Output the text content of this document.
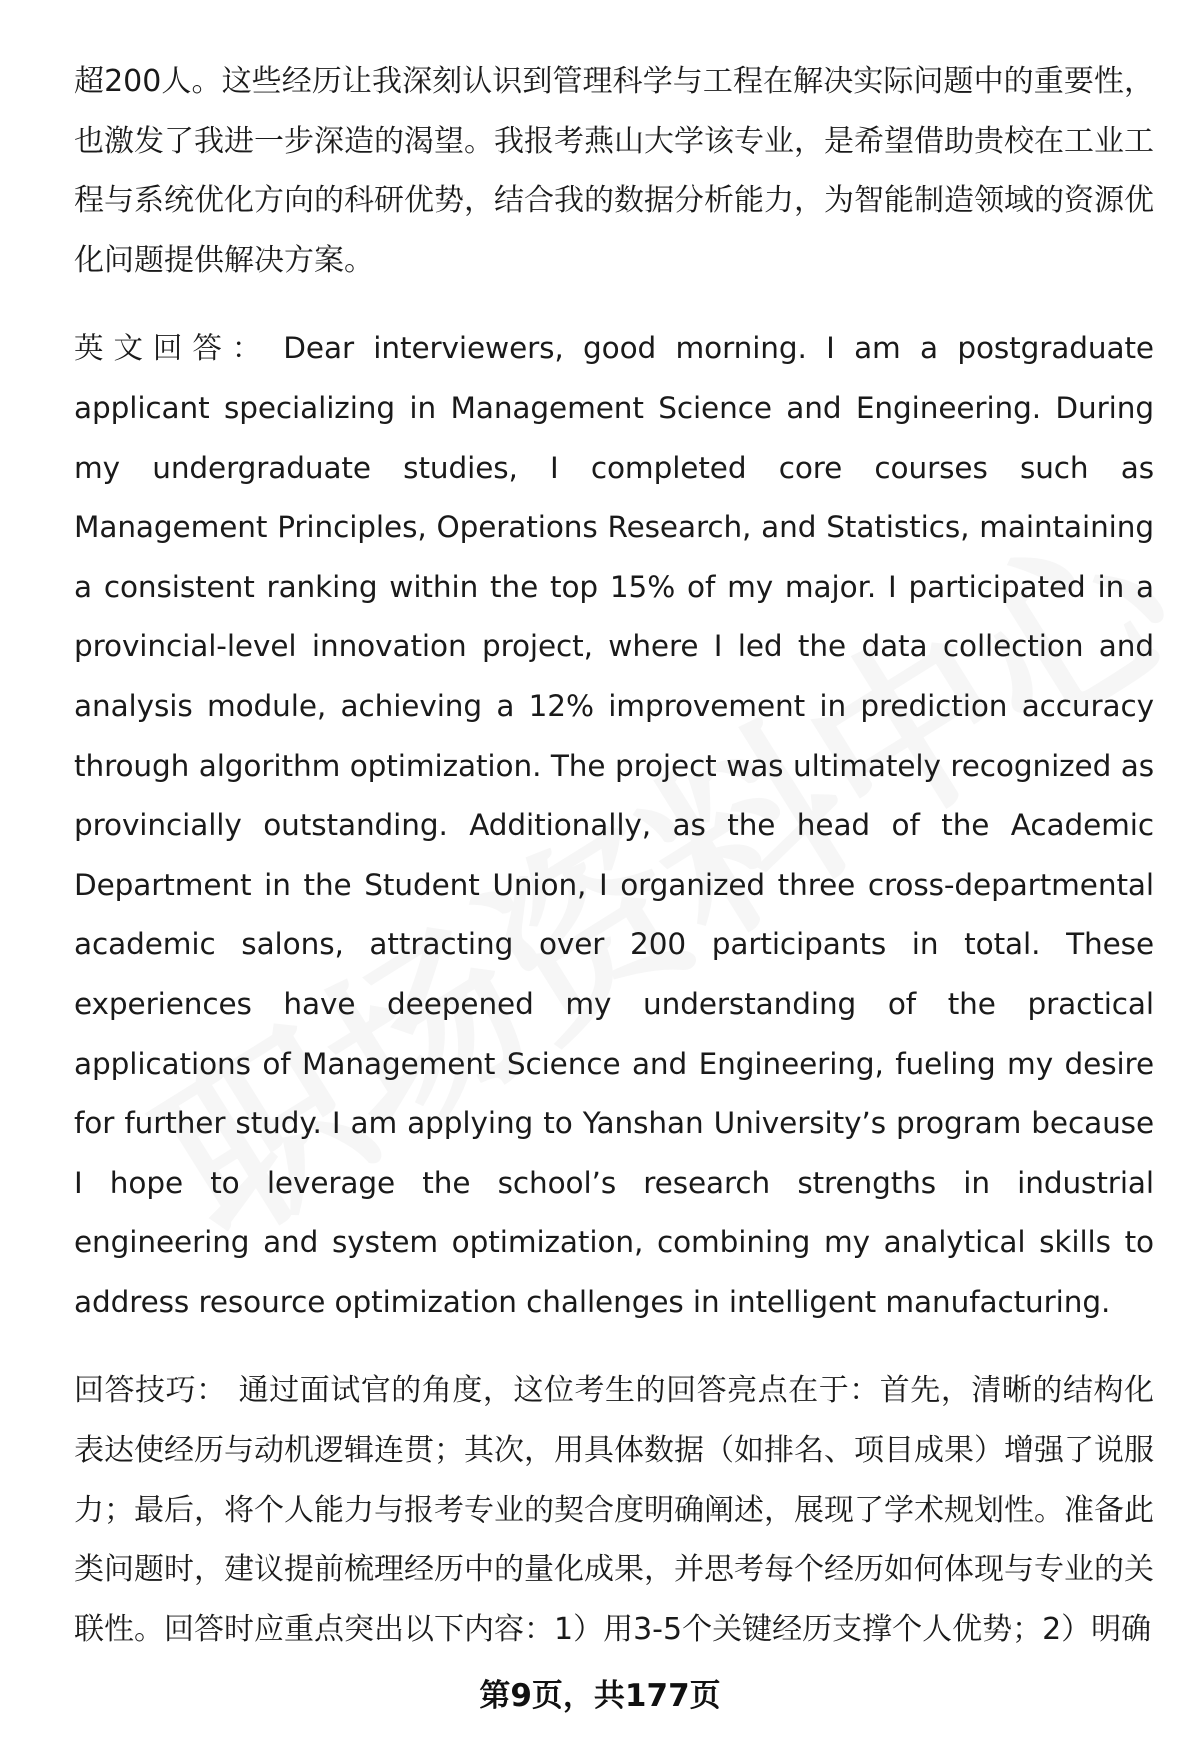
超200人。这些经历让我深刻认识到管理科学与工程在解决实际问题中的重要性，也激发了我进一步深造的渴望。我报考燕山大学该专业，是希望借助贵校在工业工程与系统优化方向的科研优势，结合我的数据分析能力，为智能制造领域的资源优化问题提供解决方案。

英文回答： Dear interviewers, good morning. I am a postgraduate applicant specializing in Management Science and Engineering. During my undergraduate studies, I completed core courses such as Management Principles, Operations Research, and Statistics, maintaining a consistent ranking within the top 15% of my major. I participated in a provincial-level innovation project, where I led the data collection and analysis module, achieving a 12% improvement in prediction accuracy through algorithm optimization. The project was ultimately recognized as provincially outstanding. Additionally, as the head of the Academic Department in the Student Union, I organized three cross-departmental academic salons, attracting over 200 participants in total. These experiences have deepened my understanding of the practical applications of Management Science and Engineering, fueling my desire for further study. I am applying to Yanshan University’s program because I hope to leverage the school’s research strengths in industrial engineering and system optimization, combining my analytical skills to address resource optimization challenges in intelligent manufacturing.

回答技巧： 通过面试官的角度，这位考生的回答亮点在于：首先，清晰的结构化表达使经历与动机逻辑连贯；其次，用具体数据（如排名、项目成果）增强了说服力；最后，将个人能力与报考专业的契合度明确阐述，展现了学术规划性。准备此类问题时，建议提前梳理经历中的量化成果，并思考每个经历如何体现与专业的关联性。回答时应重点突出以下内容：1）用3-5个关键经历支撑个人优势；2）明确

第9页，共177页
